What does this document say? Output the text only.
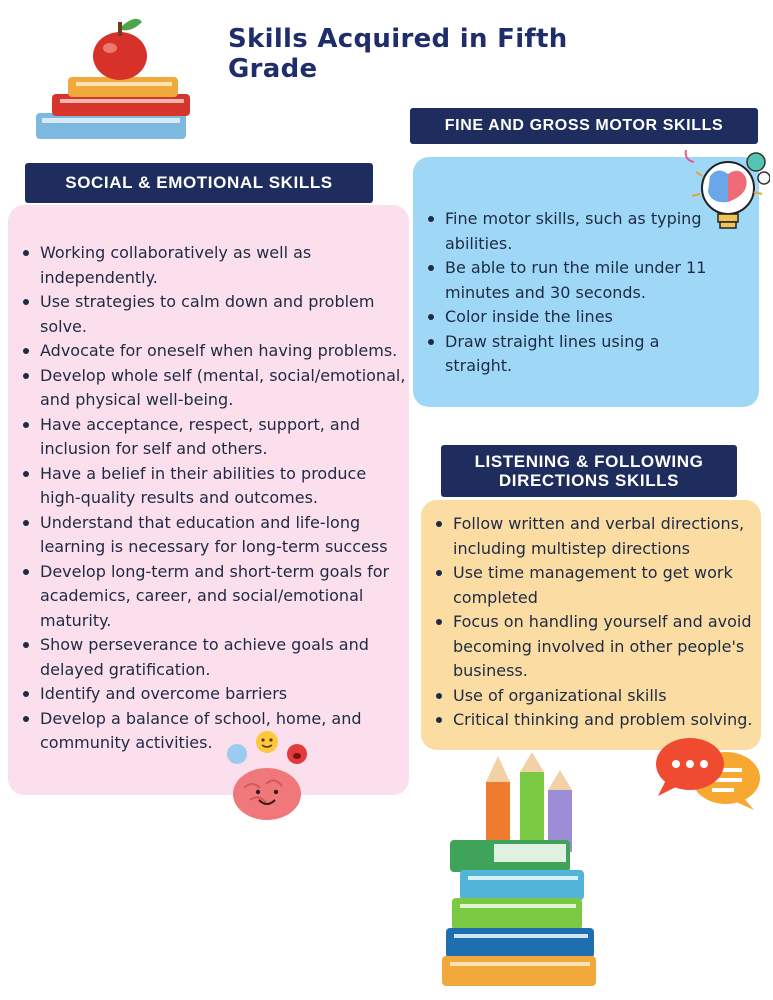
Skills Acquired in Fifth Grade
Working collaboratively as well as independently.
Use strategies to calm down and problem solve.
Advocate for oneself when having problems.
Develop whole self (mental, social/emotional, and physical well-being.
Have acceptance, respect, support, and inclusion for self and others.
Have a belief in their abilities to produce high-quality results and outcomes.
Understand that education and life-long learning is necessary for long-term success
Develop long-term and short-term goals for academics, career, and social/emotional maturity.
Show perseverance to achieve goals and delayed gratification.
Identify and overcome barriers
Develop a balance of school, home, and community activities.
SOCIAL & EMOTIONAL SKILLS
Fine motor skills, such as typing abilities.
Be able to run the mile under 11 minutes and 30 seconds.
Color inside the lines
Draw straight lines using a straight.
FINE AND GROSS MOTOR SKILLS
Follow written and verbal directions, including multistep directions
Use time management to get work completed
Focus on handling yourself and avoid becoming involved in other people's business.
Use of organizational skills
Critical thinking and problem solving.
LISTENING & FOLLOWING
DIRECTIONS SKILLS
